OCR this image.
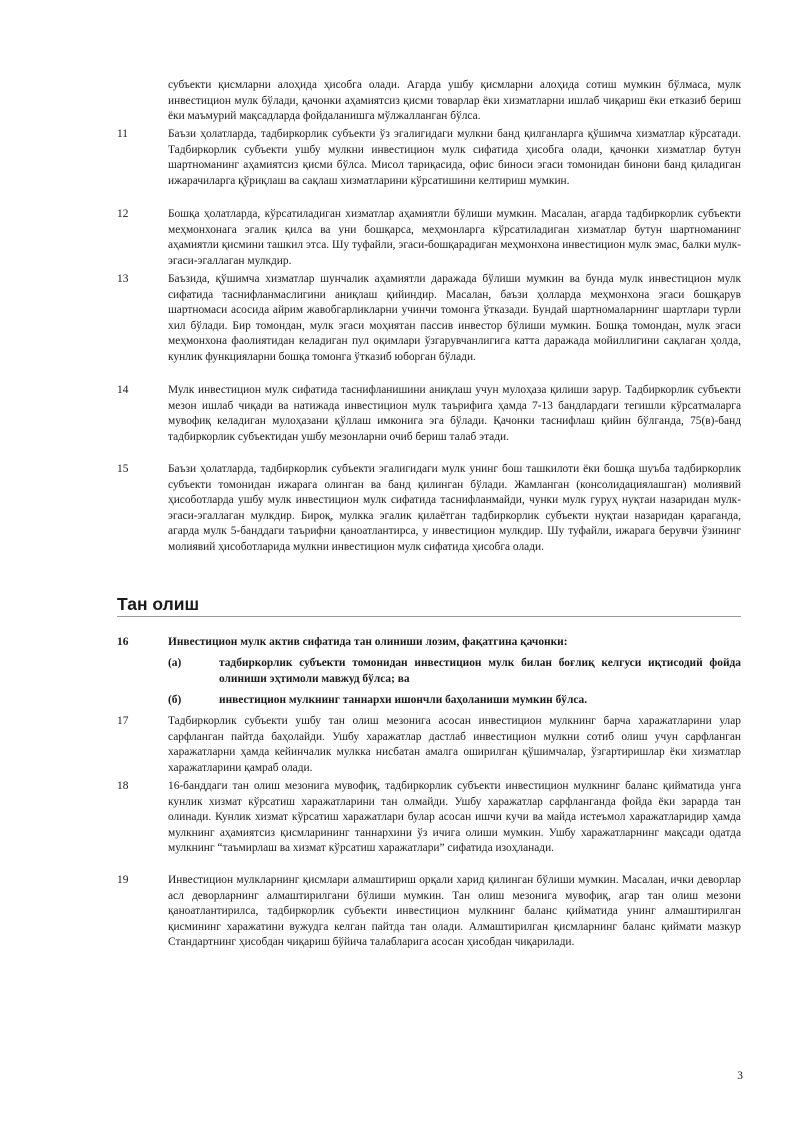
субъекти қисмларни алоҳида ҳисобга олади. Агарда ушбу қисмларни алоҳида сотиш мумкин бўлмаса, мулк инвестицион мулк бўлади, қачонки аҳамиятсиз қисми товарлар ёки хизматларни ишлаб чиқариш ёки етказиб бериш ёки маъмурий мақсадларда фойдаланишга мўлжалланган бўлса.
11	Баъзи ҳолатларда, тадбиркорлик субъекти ўз эгалигидаги мулкни банд қилганларга қўшимча хизматлар кўрсатади. Тадбиркорлик субъекти ушбу мулкни инвестицион мулк сифатида ҳисобга олади, қачонки хизматлар бутун шартноманинг аҳамиятсиз қисми бўлса. Мисол тариқасида, офис биноси эгаси томонидан бинони банд қиладиган ижарачиларга қўриқлаш ва сақлаш хизматларини кўрсатишини келтириш мумкин.
12	Бошқа ҳолатларда, кўрсатиладиган хизматлар аҳамиятли бўлиши мумкин. Масалан, агарда тадбиркорлик субъекти меҳмонхонага эгалик қилса ва уни бошқарса, меҳмонларга кўрсатиладиган хизматлар бутун шартноманинг аҳамиятли қисмини ташкил этса. Шу туфайли, эгаси-бошқарадиган меҳмонхона инвестицион мулк эмас, балки мулк-эгаси-эгаллаган мулкдир.
13	Баъзида, қўшимча хизматлар шунчалик аҳамиятли даражада бўлиши мумкин ва бунда мулк инвестицион мулк сифатида таснифланмаслигини аниқлаш қийиндир. Масалан, баъзи ҳолларда меҳмонхона эгаси бошқарув шартномаси асосида айрим жавобгарликларни учинчи томонга ўтказади. Бундай шартномаларнинг шартлари турли хил бўлади. Бир томондан, мулк эгаси моҳиятан пассив инвестор бўлиши мумкин. Бошқа томондан, мулк эгаси меҳмонхона фаолиятидан келадиган пул оқимлари ўзгарувчанлигига катта даражада мойиллигини сақлаган ҳолда, кунлик функцияларни бошқа томонга ўтказиб юборган бўлади.
14	Мулк инвестицион мулк сифатида таснифланишини аниқлаш учун мулоҳаза қилиши зарур. Тадбиркорлик субъекти мезон ишлаб чиқади ва натижада инвестицион мулк таърифига ҳамда 7-13 бандлардаги тегишли кўрсатмаларга мувофиқ келадиган мулоҳазани қўллаш имконига эга бўлади. Қачонки таснифлаш қийин бўлганда, 75(в)-банд тадбиркорлик субъектидан ушбу мезонларни очиб бериш талаб этади.
15	Баъзи ҳолатларда, тадбиркорлик субъекти эгалигидаги мулк унинг бош ташкилоти ёки бошқа шуъба тадбиркорлик субъекти томонидан ижарага олинган ва банд қилинган бўлади. Жамланган (консолидациялашган) молиявий ҳисоботларда ушбу мулк инвестицион мулк сифатида таснифланмайди, чунки мулк гуруҳ нуқтаи назаридан мулк-эгаси-эгаллаган мулкдир. Бироқ, мулкка эгалик қилаётган тадбиркорлик субъекти нуқтаи назаридан қарагандa, агарда мулк 5-банддаги таърифни қаноатлантирса, у инвестицион мулкдир. Шу туфайли, ижарага берувчи ўзининг молиявий ҳисоботларида мулкни инвестицион мулк сифатида ҳисобга олади.
Тан олиш
16	Инвестицион мулк актив сифатида тан олиниши лозим, фақатгина қачонки:
(а)	тадбиркорлик субъекти томонидан инвестицион мулк билан боғлиқ келгуси иқтисодий фойда олиниши эҳтимоли мавжуд бўлса; ва
(б)	инвестицион мулкнинг таннархи ишончли баҳоланиши мумкин бўлса.
17	Тадбиркорлик субъекти ушбу тан олиш мезонига асосан инвестицион мулкнинг барча харажатларини улар сарфланган пайтда баҳолайди. Ушбу харажатлар дастлаб инвестицион мулкни сотиб олиш учун сарфланган харажатларни ҳамда кейинчалик мулкка нисбатан амалга оширилган қўшимчалар, ўзгартиришлар ёки хизматлар харажатларини қамраб олади.
18	16-банддаги тан олиш мезонига мувофиқ, тадбиркорлик субъекти инвестицион мулкнинг баланс қийматида унга кунлик хизмат кўрсатиш харажатларини тан олмайди. Ушбу харажатлар сарфланганда фойда ёки зарарда тан олинади. Кунлик хизмат кўрсатиш харажатлари булар асосан ишчи кучи ва майда истеъмол харажатларидир ҳамда мулкнинг аҳамиятсиз қисмларининг таннархини ўз ичига олиши мумкин. Ушбу харажатларнинг мақсади одатда мулкнинг “таъмирлаш ва хизмат кўрсатиш харажатлари” сифатида изоҳланади.
19	Инвестицион мулкларнинг қисмлари алмаштириш орқали харид қилинган бўлиши мумкин. Масалан, ички деворлар асл деворларнинг алмаштирилгани бўлиши мумкин. Тан олиш мезонига мувофиқ, агар тан олиш мезони қаноатлантирилса, тадбиркорлик субъекти инвестицион мулкнинг баланс қийматида унинг алмаштирилган қисмининг харажатини вужудга келган пайтда тан олади. Алмаштирилган қисмларнинг баланс қиймати мазкур Стандартнинг ҳисобдан чиқариш бўйича талабларига асосан ҳисобдан чиқарилади.
3
